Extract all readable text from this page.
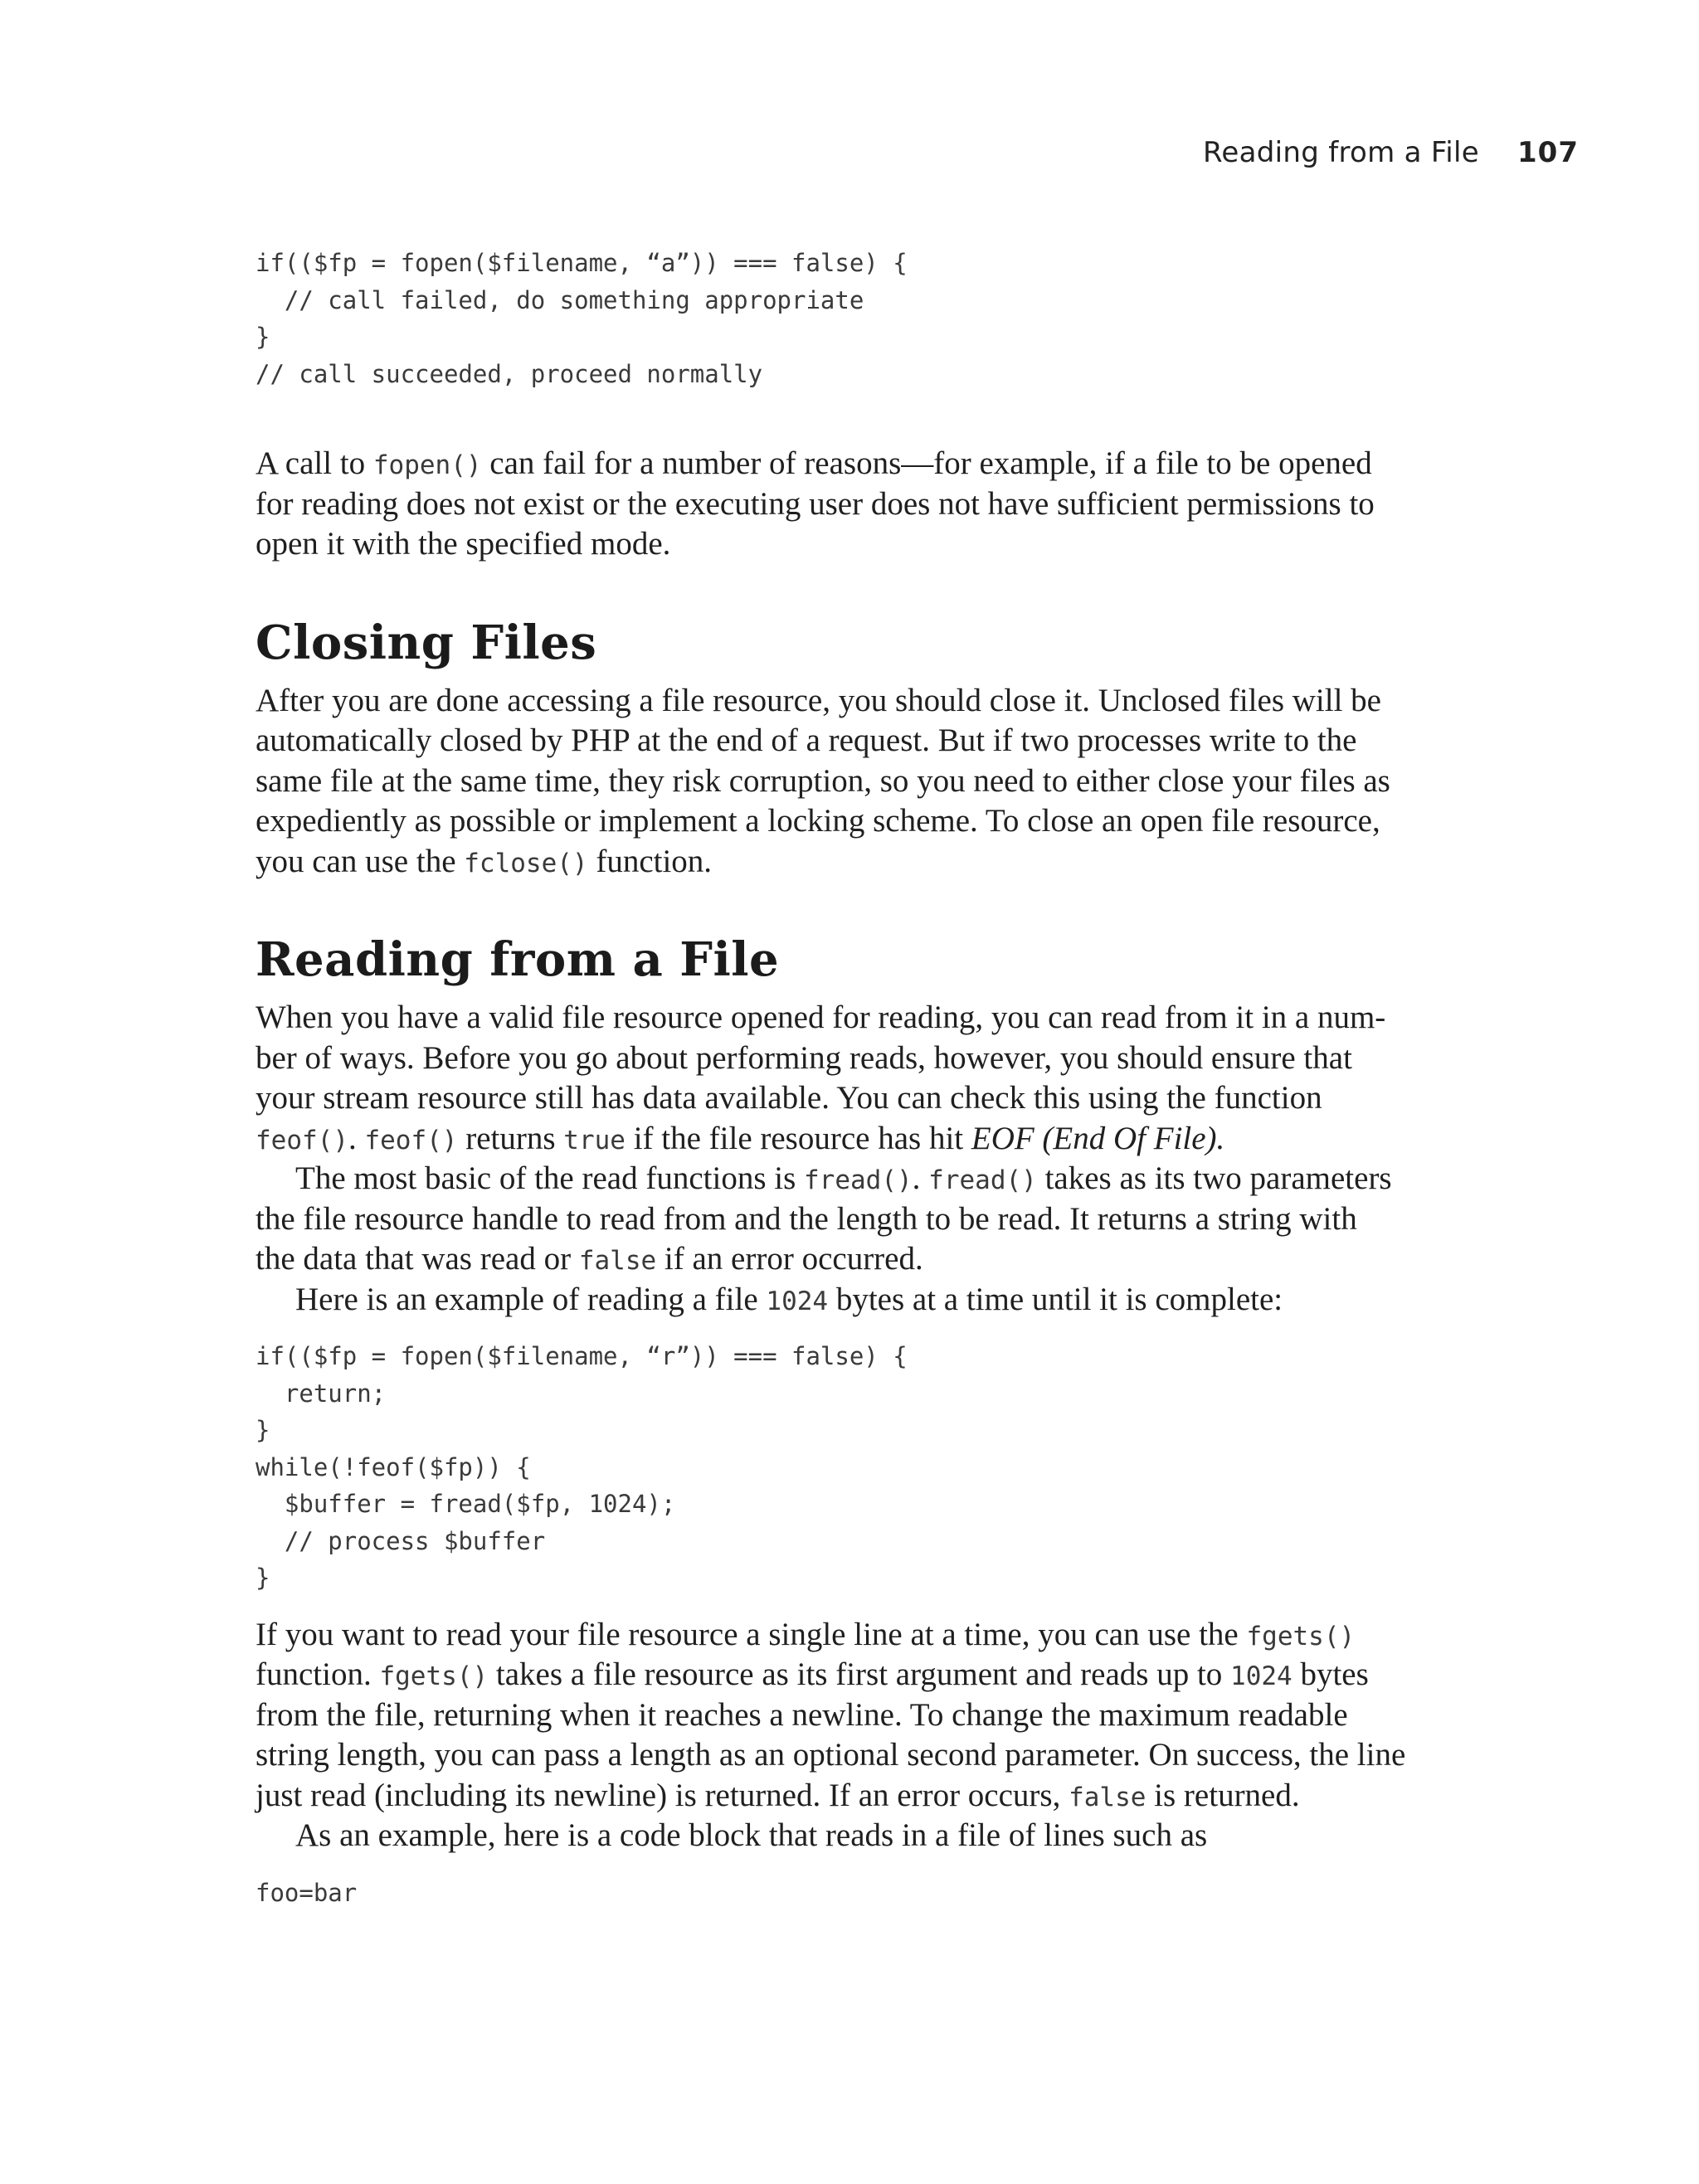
Reading from a File 107
if(($fp = fopen($filename, “a”)) === false) {
// call failed, do something appropriate
}
// call succeeded, proceed normally
A call to fopen() can fail for a number of reasons—for example, if a file to be opened
for reading does not exist or the executing user does not have sufficient permissions to
open it with the specified mode.
Closing Files
After you are done accessing a file resource, you should close it. Unclosed files will be
automatically closed by PHP at the end of a request. But if two processes write to the
same file at the same time, they risk corruption, so you need to either close your files as
expediently as possible or implement a locking scheme. To close an open file resource,
you can use the fclose() function.
Reading from a File
When you have a valid file resource opened for reading, you can read from it in a num-
ber of ways. Before you go about performing reads, however, you should ensure that
your stream resource still has data available. You can check this using the function
feof(). feof() returns true if the file resource has hit EOF (End Of File).
The most basic of the read functions is fread(). fread() takes as its two parameters
the file resource handle to read from and the length to be read. It returns a string with
the data that was read or false if an error occurred.
Here is an example of reading a file 1024 bytes at a time until it is complete:
if(($fp = fopen($filename, “r”)) === false) {
return;
}
while(!feof($fp)) {
$buffer = fread($fp, 1024);
// process $buffer
}
If you want to read your file resource a single line at a time, you can use the fgets()
function. fgets() takes a file resource as its first argument and reads up to 1024 bytes
from the file, returning when it reaches a newline. To change the maximum readable
string length, you can pass a length as an optional second parameter. On success, the line
just read (including its newline) is returned. If an error occurs, false is returned.
As an example, here is a code block that reads in a file of lines such as
foo=bar
